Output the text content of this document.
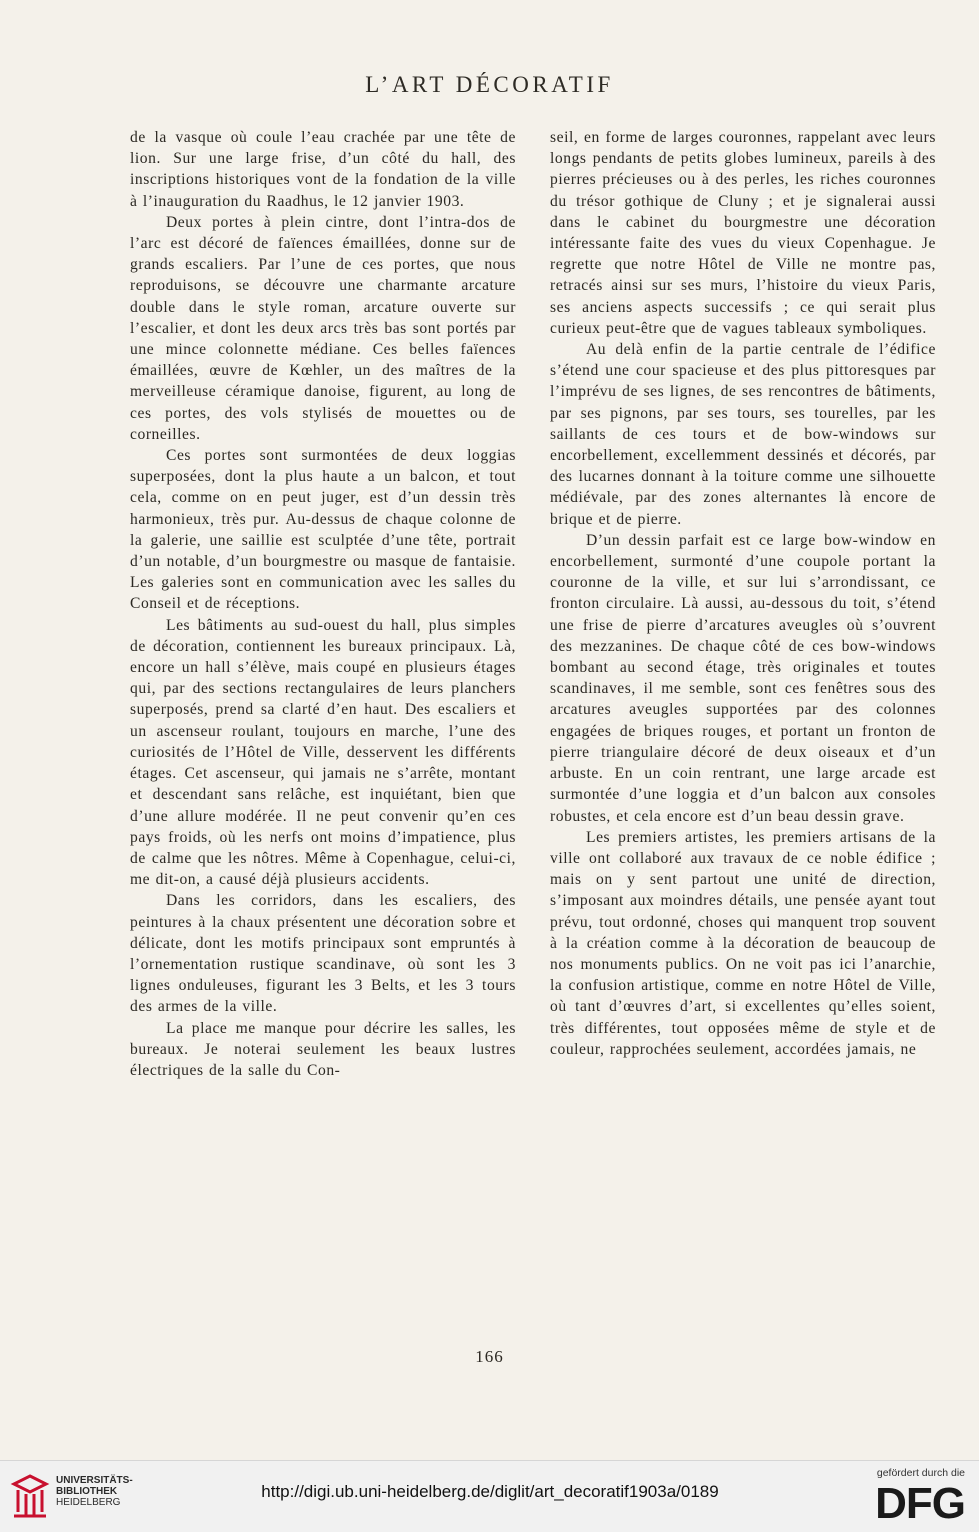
L’ART DÉCORATIF

de la vasque où coule l’eau crachée par une tête de lion. Sur une large frise, d’un côté du hall, des inscriptions historiques vont de la fondation de la ville à l’inauguration du Raadhus, le 12 janvier 1903.

Deux portes à plein cintre, dont l’intra-dos de l’arc est décoré de faïences émaillées, donne sur de grands escaliers. Par l’une de ces portes, que nous reproduisons, se découvre une charmante arcature double dans le style roman, arcature ouverte sur l’escalier, et dont les deux arcs très bas sont portés par une mince colonnette médiane. Ces belles faïences émaillées, œuvre de Kœhler, un des maîtres de la merveilleuse céramique danoise, figurent, au long de ces portes, des vols stylisés de mouettes ou de corneilles.

Ces portes sont surmontées de deux loggias superposées, dont la plus haute a un balcon, et tout cela, comme on en peut juger, est d’un dessin très harmonieux, très pur. Au-dessus de chaque colonne de la galerie, une saillie est sculptée d’une tête, portrait d’un notable, d’un bourgmestre ou masque de fantaisie. Les galeries sont en communication avec les salles du Conseil et de réceptions.

Les bâtiments au sud-ouest du hall, plus simples de décoration, contiennent les bureaux principaux. Là, encore un hall s’élève, mais coupé en plusieurs étages qui, par des sections rectangulaires de leurs planchers superposés, prend sa clarté d’en haut. Des escaliers et un ascenseur roulant, toujours en marche, l’une des curiosités de l’Hôtel de Ville, desservent les différents étages. Cet ascenseur, qui jamais ne s’arrête, montant et descendant sans relâche, est inquiétant, bien que d’une allure modérée. Il ne peut convenir qu’en ces pays froids, où les nerfs ont moins d’impatience, plus de calme que les nôtres. Même à Copenhague, celui-ci, me dit-on, a causé déjà plusieurs accidents.

Dans les corridors, dans les escaliers, des peintures à la chaux présentent une décoration sobre et délicate, dont les motifs principaux sont empruntés à l’ornementation rustique scandinave, où sont les 3 lignes onduleuses, figurant les 3 Belts, et les 3 tours des armes de la ville.

La place me manque pour décrire les salles, les bureaux. Je noterai seulement les beaux lustres électriques de la salle du Con-

seil, en forme de larges couronnes, rappelant avec leurs longs pendants de petits globes lumineux, pareils à des pierres précieuses ou à des perles, les riches couronnes du trésor gothique de Cluny ; et je signalerai aussi dans le cabinet du bourgmestre une décoration intéressante faite des vues du vieux Copenhague. Je regrette que notre Hôtel de Ville ne montre pas, retracés ainsi sur ses murs, l’histoire du vieux Paris, ses anciens aspects successifs ; ce qui serait plus curieux peut-être que de vagues tableaux symboliques.

Au delà enfin de la partie centrale de l’édifice s’étend une cour spacieuse et des plus pittoresques par l’imprévu de ses lignes, de ses rencontres de bâtiments, par ses pignons, par ses tours, ses tourelles, par les saillants de ces tours et de bow-windows sur encorbellement, excellemment dessinés et décorés, par des lucarnes donnant à la toiture comme une silhouette médiévale, par des zones alternantes là encore de brique et de pierre.

D’un dessin parfait est ce large bow-window en encorbellement, surmonté d’une coupole portant la couronne de la ville, et sur lui s’arrondissant, ce fronton circulaire. Là aussi, au-dessous du toit, s’étend une frise de pierre d’arcatures aveugles où s’ouvrent des mezzanines. De chaque côté de ces bow-windows bombant au second étage, très originales et toutes scandinaves, il me semble, sont ces fenêtres sous des arcatures aveugles supportées par des colonnes engagées de briques rouges, et portant un fronton de pierre triangulaire décoré de deux oiseaux et d’un arbuste. En un coin rentrant, une large arcade est surmontée d’une loggia et d’un balcon aux consoles robustes, et cela encore est d’un beau dessin grave.

Les premiers artistes, les premiers artisans de la ville ont collaboré aux travaux de ce noble édifice ; mais on y sent partout une unité de direction, s’imposant aux moindres détails, une pensée ayant tout prévu, tout ordonné, choses qui manquent trop souvent à la création comme à la décoration de beaucoup de nos monuments publics. On ne voit pas ici l’anarchie, la confusion artistique, comme en notre Hôtel de Ville, où tant d’œuvres d’art, si excellentes qu’elles soient, très différentes, tout opposées même de style et de couleur, rapprochées seulement, accordées jamais, ne

166
UNIVERSITÄTS-
BIBLIOTHEK
HEIDELBERG
http://digi.ub.uni-heidelberg.de/diglit/art_decoratif1903a/0189
gefördert durch die
DFG
